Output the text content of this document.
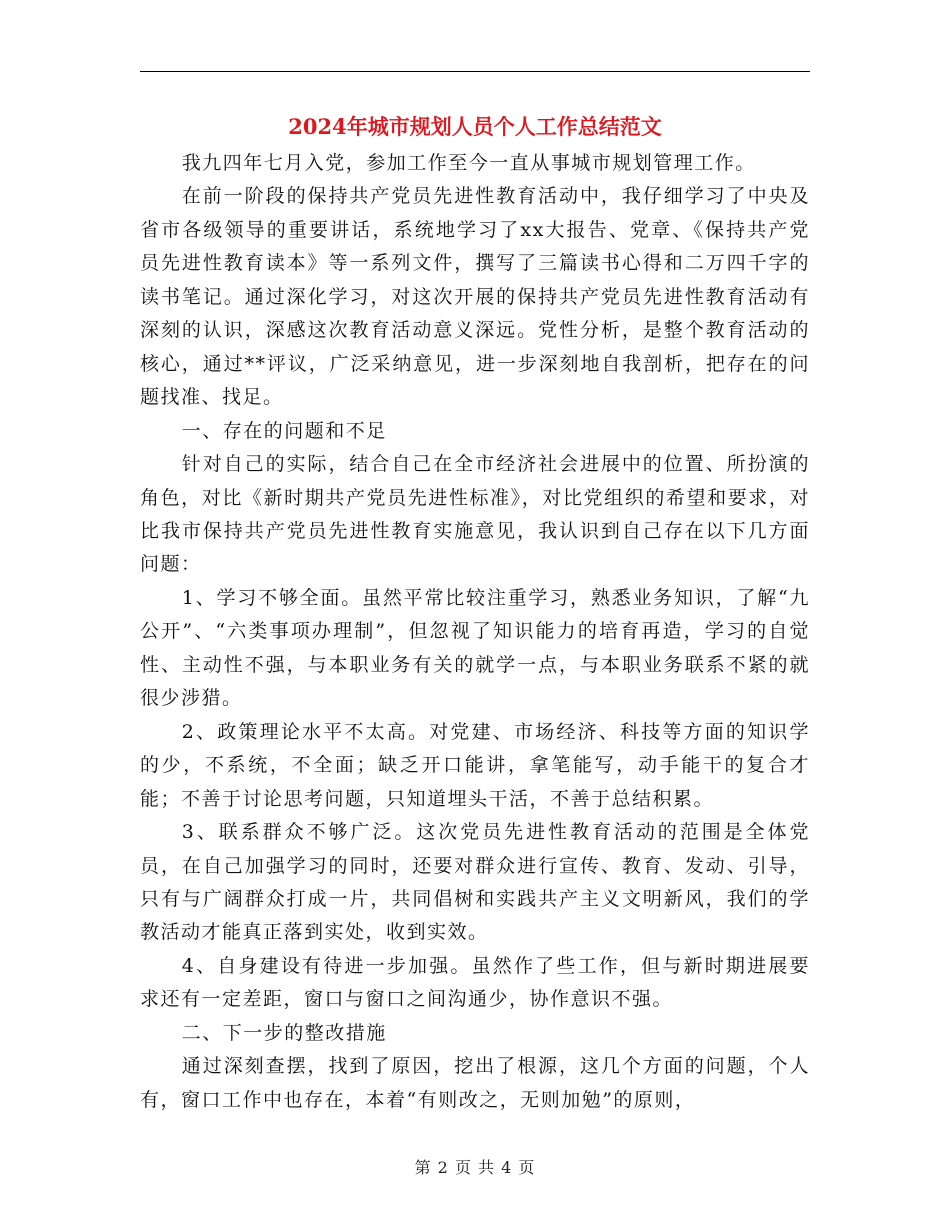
2024年城市规划人员个人工作总结范文

我九四年七月入党，参加工作至今一直从事城市规划管理工作。

在前一阶段的保持共产党员先进性教育活动中，我仔细学习了中央及省市各级领导的重要讲话，系统地学习了xx大报告、党章、《保持共产党员先进性教育读本》等一系列文件，撰写了三篇读书心得和二万四千字的读书笔记。通过深化学习，对这次开展的保持共产党员先进性教育活动有深刻的认识，深感这次教育活动意义深远。党性分析，是整个教育活动的核心，通过**评议，广泛采纳意见，进一步深刻地自我剖析，把存在的问题找准、找足。

一、存在的问题和不足

针对自己的实际，结合自己在全市经济社会进展中的位置、所扮演的角色，对比《新时期共产党员先进性标准》，对比党组织的希望和要求，对比我市保持共产党员先进性教育实施意见，我认识到自己存在以下几方面问题：

1、学习不够全面。虽然平常比较注重学习，熟悉业务知识，了解“九公开”、“六类事项办理制”，但忽视了知识能力的培育再造，学习的自觉性、主动性不强，与本职业务有关的就学一点，与本职业务联系不紧的就很少涉猎。

2、政策理论水平不太高。对党建、市场经济、科技等方面的知识学的少，不系统，不全面；缺乏开口能讲，拿笔能写，动手能干的复合才能；不善于讨论思考问题，只知道埋头干活，不善于总结积累。

3、联系群众不够广泛。这次党员先进性教育活动的范围是全体党员，在自己加强学习的同时，还要对群众进行宣传、教育、发动、引导，只有与广阔群众打成一片，共同倡树和实践共产主义文明新风，我们的学教活动才能真正落到实处，收到实效。

4、自身建设有待进一步加强。虽然作了些工作，但与新时期进展要求还有一定差距，窗口与窗口之间沟通少，协作意识不强。

二、下一步的整改措施

通过深刻查摆，找到了原因，挖出了根源，这几个方面的问题，个人有，窗口工作中也存在，本着“有则改之，无则加勉”的原则，

第 2 页 共 4 页
